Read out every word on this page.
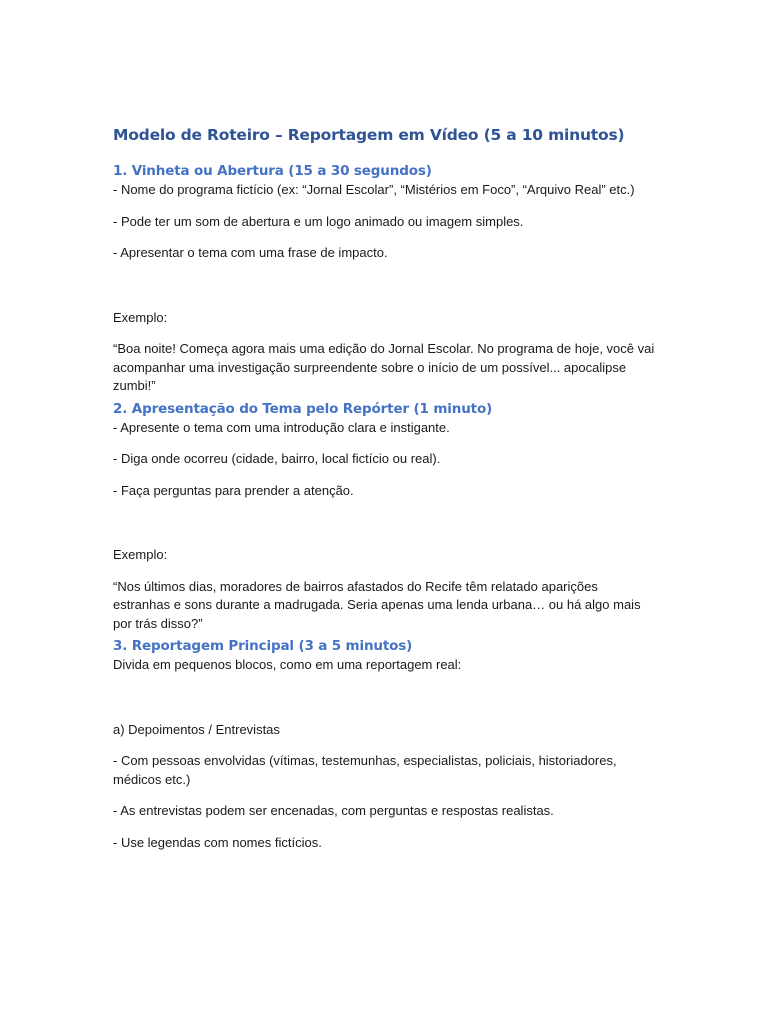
Modelo de Roteiro – Reportagem em Vídeo (5 a 10 minutos)
1. Vinheta ou Abertura (15 a 30 segundos)

- Nome do programa fictício (ex: “Jornal Escolar”, “Mistérios em Foco”, “Arquivo Real” etc.)

- Pode ter um som de abertura e um logo animado ou imagem simples.

- Apresentar o tema com uma frase de impacto.

Exemplo:

“Boa noite! Começa agora mais uma edição do Jornal Escolar. No programa de hoje, você vai acompanhar uma investigação surpreendente sobre o início de um possível... apocalipse zumbi!”

2. Apresentação do Tema pelo Repórter (1 minuto)

- Apresente o tema com uma introdução clara e instigante.

- Diga onde ocorreu (cidade, bairro, local fictício ou real).

- Faça perguntas para prender a atenção.

Exemplo:

“Nos últimos dias, moradores de bairros afastados do Recife têm relatado aparições estranhas e sons durante a madrugada. Seria apenas uma lenda urbana… ou há algo mais por trás disso?”

3. Reportagem Principal (3 a 5 minutos)

Divida em pequenos blocos, como em uma reportagem real:

a) Depoimentos / Entrevistas

- Com pessoas envolvidas (vítimas, testemunhas, especialistas, policiais, historiadores, médicos etc.)

- As entrevistas podem ser encenadas, com perguntas e respostas realistas.

- Use legendas com nomes fictícios.
